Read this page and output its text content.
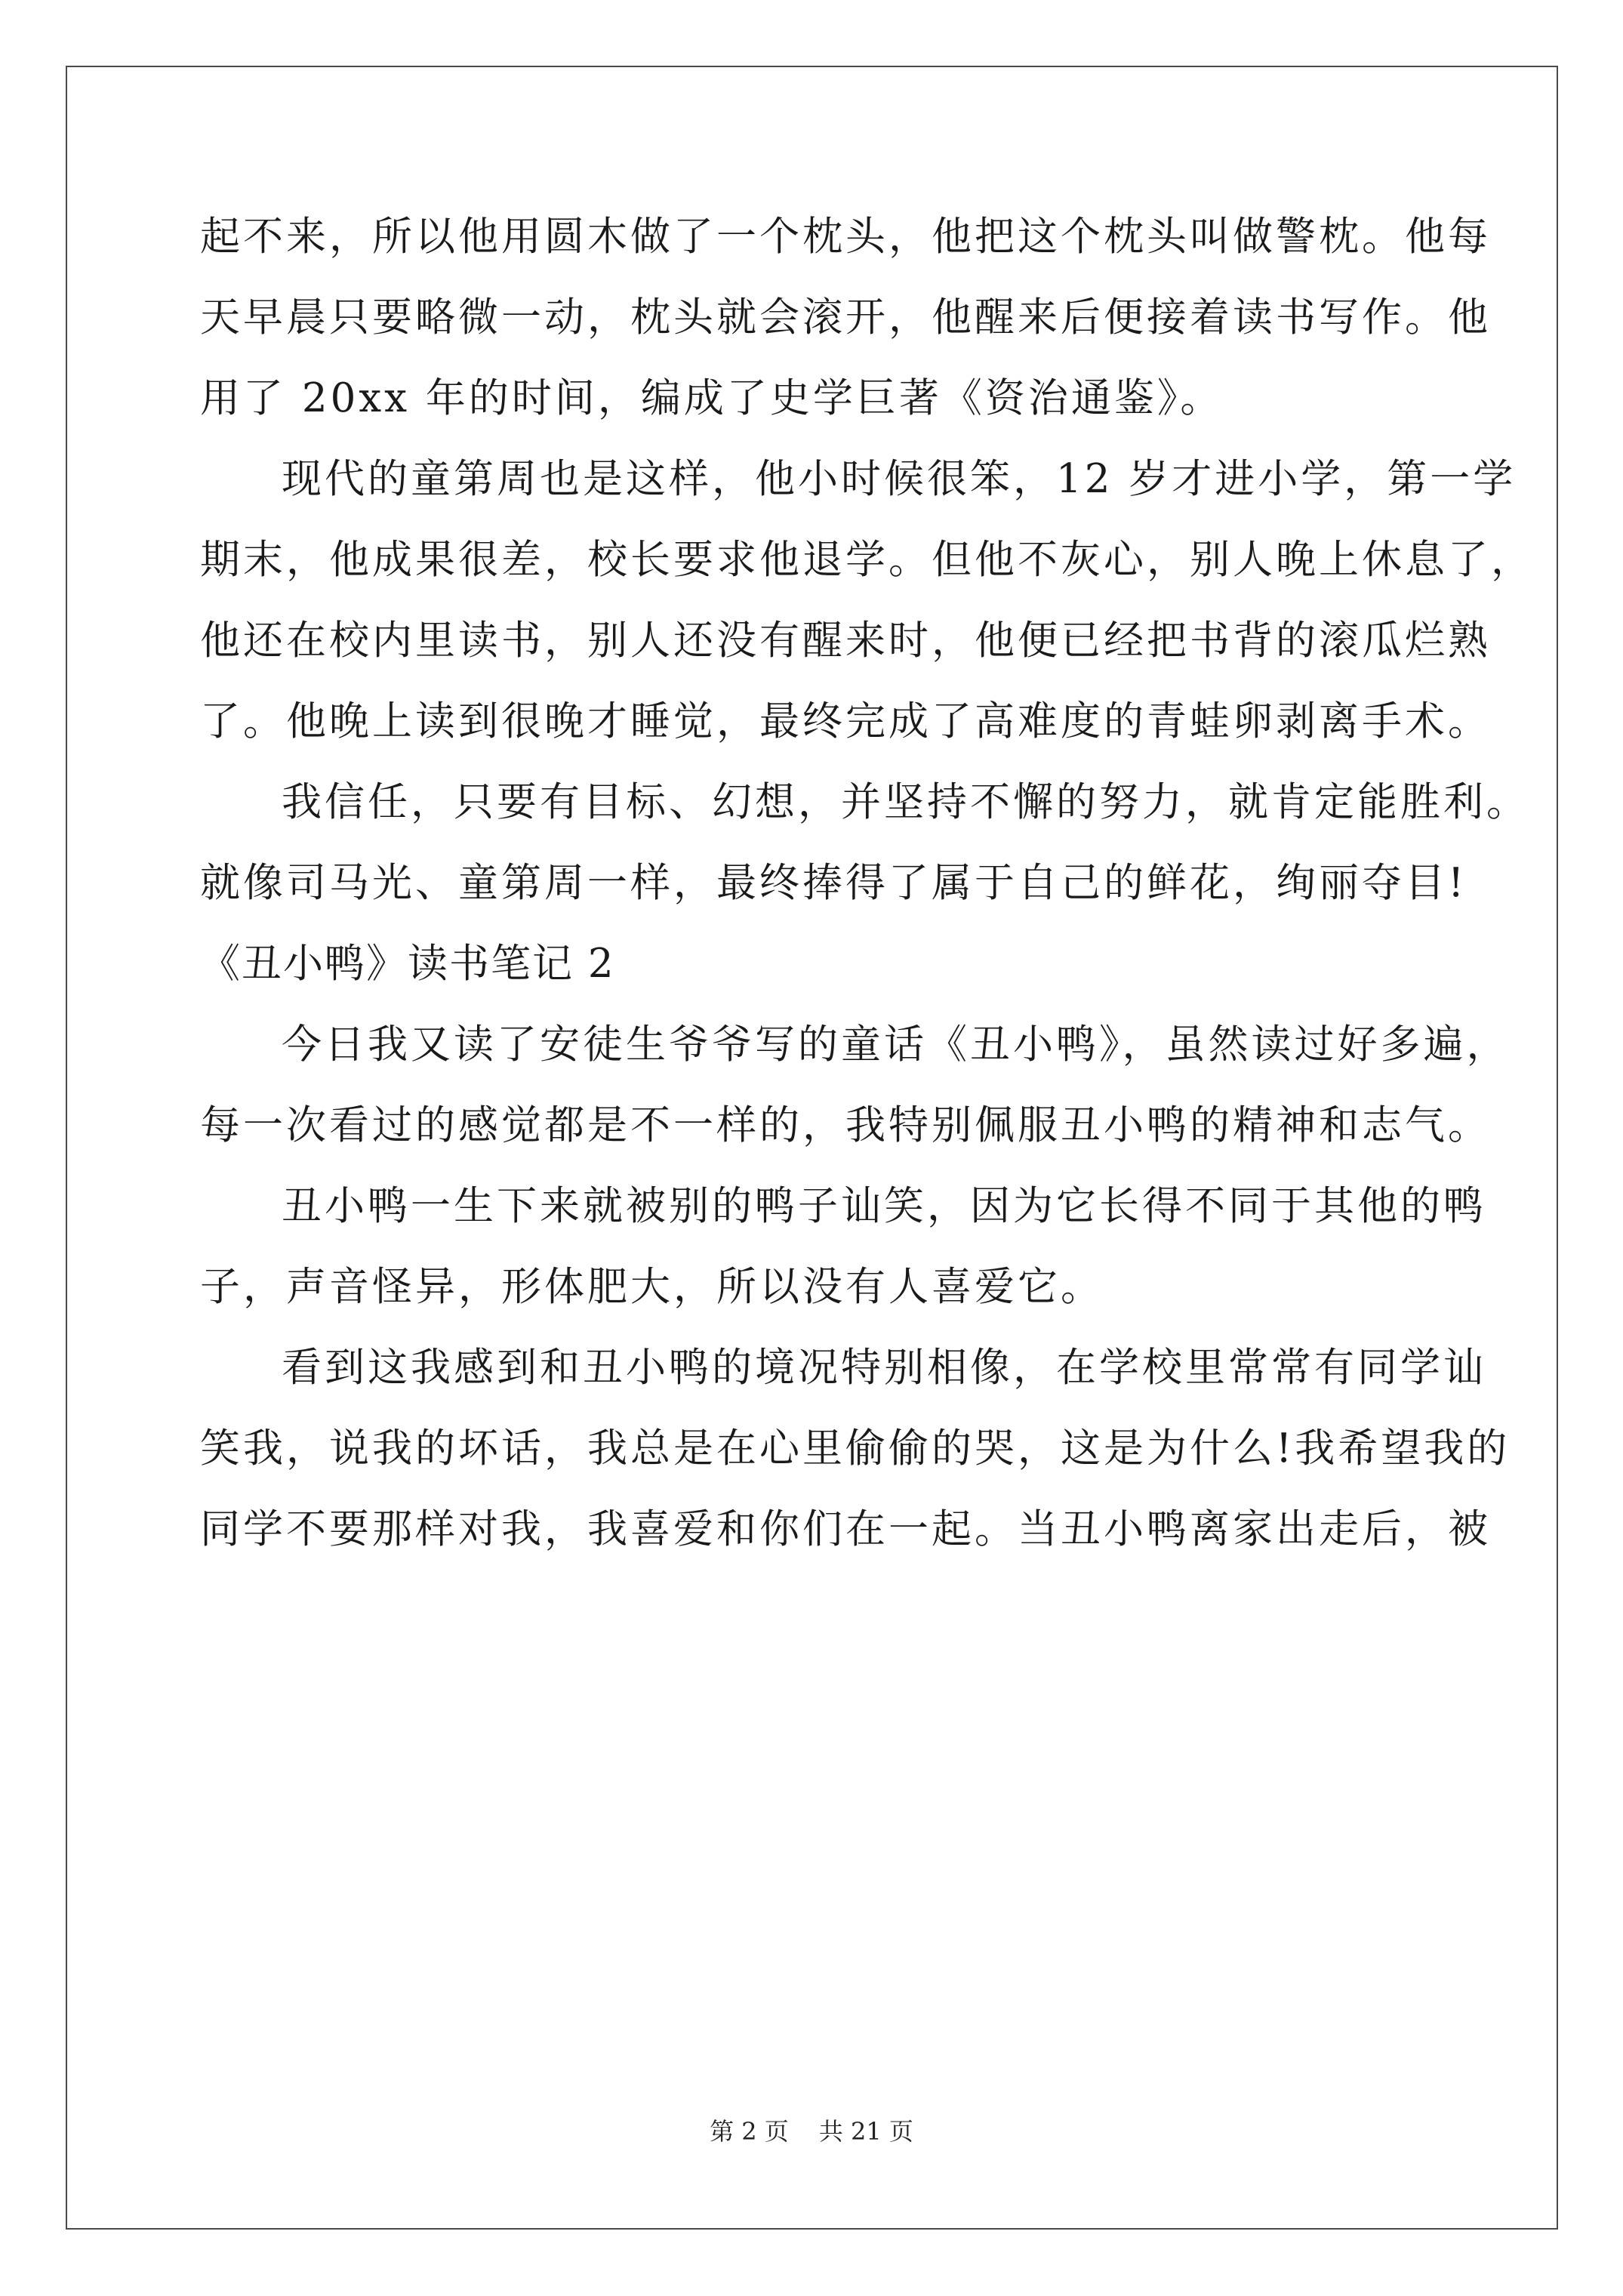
起不来，所以他用圆木做了一个枕头，他把这个枕头叫做警枕。他每
天早晨只要略微一动，枕头就会滚开，他醒来后便接着读书写作。他
用了 20xx 年的时间，编成了史学巨著《资治通鉴》。
现代的童第周也是这样，他小时候很笨，12 岁才进小学，第一学
期末，他成果很差，校长要求他退学。但他不灰心，别人晚上休息了，
他还在校内里读书，别人还没有醒来时，他便已经把书背的滚瓜烂熟
了。他晚上读到很晚才睡觉，最终完成了高难度的青蛙卵剥离手术。
我信任，只要有目标、幻想，并坚持不懈的努力，就肯定能胜利。
就像司马光、童第周一样，最终捧得了属于自己的鲜花，绚丽夺目!
《丑小鸭》读书笔记 2
今日我又读了安徒生爷爷写的童话《丑小鸭》，虽然读过好多遍，
每一次看过的感觉都是不一样的，我特别佩服丑小鸭的精神和志气。
丑小鸭一生下来就被别的鸭子讪笑，因为它长得不同于其他的鸭
子，声音怪异，形体肥大，所以没有人喜爱它。
看到这我感到和丑小鸭的境况特别相像，在学校里常常有同学讪
笑我，说我的坏话，我总是在心里偷偷的哭，这是为什么!我希望我的
同学不要那样对我，我喜爱和你们在一起。当丑小鸭离家出走后，被
第 2 页 共 21 页
